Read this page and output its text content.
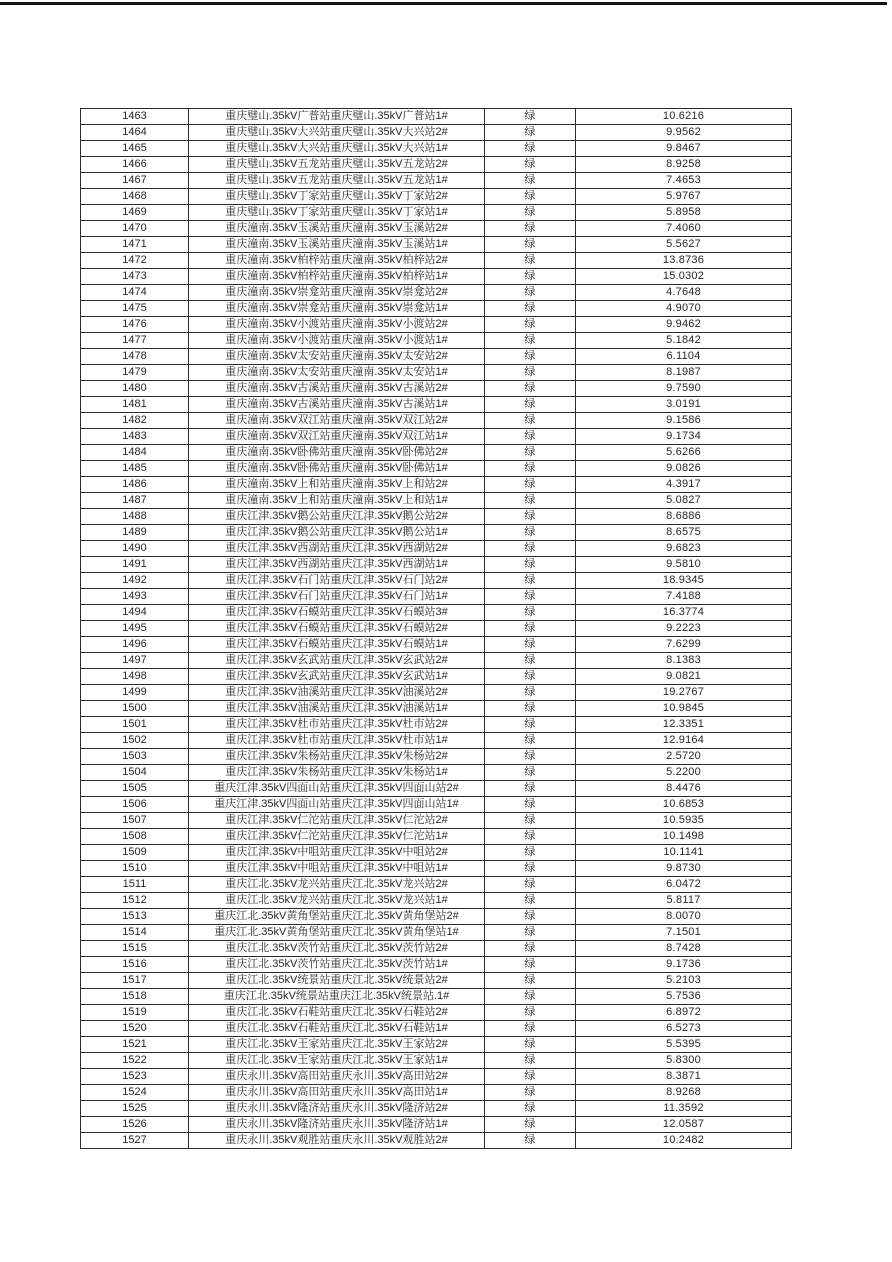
1463	重庆璧山.35kV广普站重庆璧山.35kV广普站1#	绿	10.6216
1464	重庆璧山.35kV大兴站重庆璧山.35kV大兴站2#	绿	9.9562
1465	重庆璧山.35kV大兴站重庆璧山.35kV大兴站1#	绿	9.8467
1466	重庆璧山.35kV五龙站重庆璧山.35kV五龙站2#	绿	8.9258
1467	重庆璧山.35kV五龙站重庆璧山.35kV五龙站1#	绿	7.4653
1468	重庆璧山.35kV丁家站重庆璧山.35kV丁家站2#	绿	5.9767
1469	重庆璧山.35kV丁家站重庆璧山.35kV丁家站1#	绿	5.8958
1470	重庆潼南.35kV玉溪站重庆潼南.35kV玉溪站2#	绿	7.4060
1471	重庆潼南.35kV玉溪站重庆潼南.35kV玉溪站1#	绿	5.5627
1472	重庆潼南.35kV柏梓站重庆潼南.35kV柏梓站2#	绿	13.8736
1473	重庆潼南.35kV柏梓站重庆潼南.35kV柏梓站1#	绿	15.0302
1474	重庆潼南.35kV崇龛站重庆潼南.35kV崇龛站2#	绿	4.7648
1475	重庆潼南.35kV崇龛站重庆潼南.35kV崇龛站1#	绿	4.9070
1476	重庆潼南.35kV小渡站重庆潼南.35kV小渡站2#	绿	9.9462
1477	重庆潼南.35kV小渡站重庆潼南.35kV小渡站1#	绿	5.1842
1478	重庆潼南.35kV太安站重庆潼南.35kV太安站2#	绿	6.1104
1479	重庆潼南.35kV太安站重庆潼南.35kV太安站1#	绿	8.1987
1480	重庆潼南.35kV古溪站重庆潼南.35kV古溪站2#	绿	9.7590
1481	重庆潼南.35kV古溪站重庆潼南.35kV古溪站1#	绿	3.0191
1482	重庆潼南.35kV双江站重庆潼南.35kV双江站2#	绿	9.1586
1483	重庆潼南.35kV双江站重庆潼南.35kV双江站1#	绿	9.1734
1484	重庆潼南.35kV卧佛站重庆潼南.35kV卧佛站2#	绿	5.6266
1485	重庆潼南.35kV卧佛站重庆潼南.35kV卧佛站1#	绿	9.0826
1486	重庆潼南.35kV上和站重庆潼南.35kV上和站2#	绿	4.3917
1487	重庆潼南.35kV上和站重庆潼南.35kV上和站1#	绿	5.0827
1488	重庆江津.35kV鹅公站重庆江津.35kV鹅公站2#	绿	8.6886
1489	重庆江津.35kV鹅公站重庆江津.35kV鹅公站1#	绿	8.6575
1490	重庆江津.35kV西湖站重庆江津.35kV西湖站2#	绿	9.6823
1491	重庆江津.35kV西湖站重庆江津.35kV西湖站1#	绿	9.5810
1492	重庆江津.35kV石门站重庆江津.35kV石门站2#	绿	18.9345
1493	重庆江津.35kV石门站重庆江津.35kV石门站1#	绿	7.4188
1494	重庆江津.35kV石蟆站重庆江津.35kV石蟆站3#	绿	16.3774
1495	重庆江津.35kV石蟆站重庆江津.35kV石蟆站2#	绿	9.2223
1496	重庆江津.35kV石蟆站重庆江津.35kV石蟆站1#	绿	7.6299
1497	重庆江津.35kV玄武站重庆江津.35kV玄武站2#	绿	8.1383
1498	重庆江津.35kV玄武站重庆江津.35kV玄武站1#	绿	9.0821
1499	重庆江津.35kV油溪站重庆江津.35kV油溪站2#	绿	19.2767
1500	重庆江津.35kV油溪站重庆江津.35kV油溪站1#	绿	10.9845
1501	重庆江津.35kV杜市站重庆江津.35kV杜市站2#	绿	12.3351
1502	重庆江津.35kV杜市站重庆江津.35kV杜市站1#	绿	12.9164
1503	重庆江津.35kV朱杨站重庆江津.35kV朱杨站2#	绿	2.5720
1504	重庆江津.35kV朱杨站重庆江津.35kV朱杨站1#	绿	5.2200
1505	重庆江津.35kV四面山站重庆江津.35kV四面山站2#	绿	8.4476
1506	重庆江津.35kV四面山站重庆江津.35kV四面山站1#	绿	10.6853
1507	重庆江津.35kV仁沱站重庆江津.35kV仁沱站2#	绿	10.5935
1508	重庆江津.35kV仁沱站重庆江津.35kV仁沱站1#	绿	10.1498
1509	重庆江津.35kV中咀站重庆江津.35kV中咀站2#	绿	10.1141
1510	重庆江津.35kV中咀站重庆江津.35kV中咀站1#	绿	9.8730
1511	重庆江北.35kV龙兴站重庆江北.35kV龙兴站2#	绿	6.0472
1512	重庆江北.35kV龙兴站重庆江北.35kV龙兴站1#	绿	5.8117
1513	重庆江北.35kV黄角堡站重庆江北.35kV黄角堡站2#	绿	8.0070
1514	重庆江北.35kV黄角堡站重庆江北.35kV黄角堡站1#	绿	7.1501
1515	重庆江北.35kV茨竹站重庆江北.35kV茨竹站2#	绿	8.7428
1516	重庆江北.35kV茨竹站重庆江北.35kV茨竹站1#	绿	9.1736
1517	重庆江北.35kV统景站重庆江北.35kV统景站2#	绿	5.2103
1518	重庆江北.35kV统景站重庆江北.35kV统景站.1#	绿	5.7536
1519	重庆江北.35kV石鞋站重庆江北.35kV石鞋站2#	绿	6.8972
1520	重庆江北.35kV石鞋站重庆江北.35kV石鞋站1#	绿	6.5273
1521	重庆江北.35kV王家站重庆江北.35kV王家站2#	绿	5.5395
1522	重庆江北.35kV王家站重庆江北.35kV王家站1#	绿	5.8300
1523	重庆永川.35kV高田站重庆永川.35kV高田站2#	绿	8.3871
1524	重庆永川.35kV高田站重庆永川.35kV高田站1#	绿	8.9268
1525	重庆永川.35kV隆济站重庆永川.35kV隆济站2#	绿	11.3592
1526	重庆永川.35kV隆济站重庆永川.35kV隆济站1#	绿	12.0587
1527	重庆永川.35kV观胜站重庆永川.35kV观胜站2#	绿	10.2482
